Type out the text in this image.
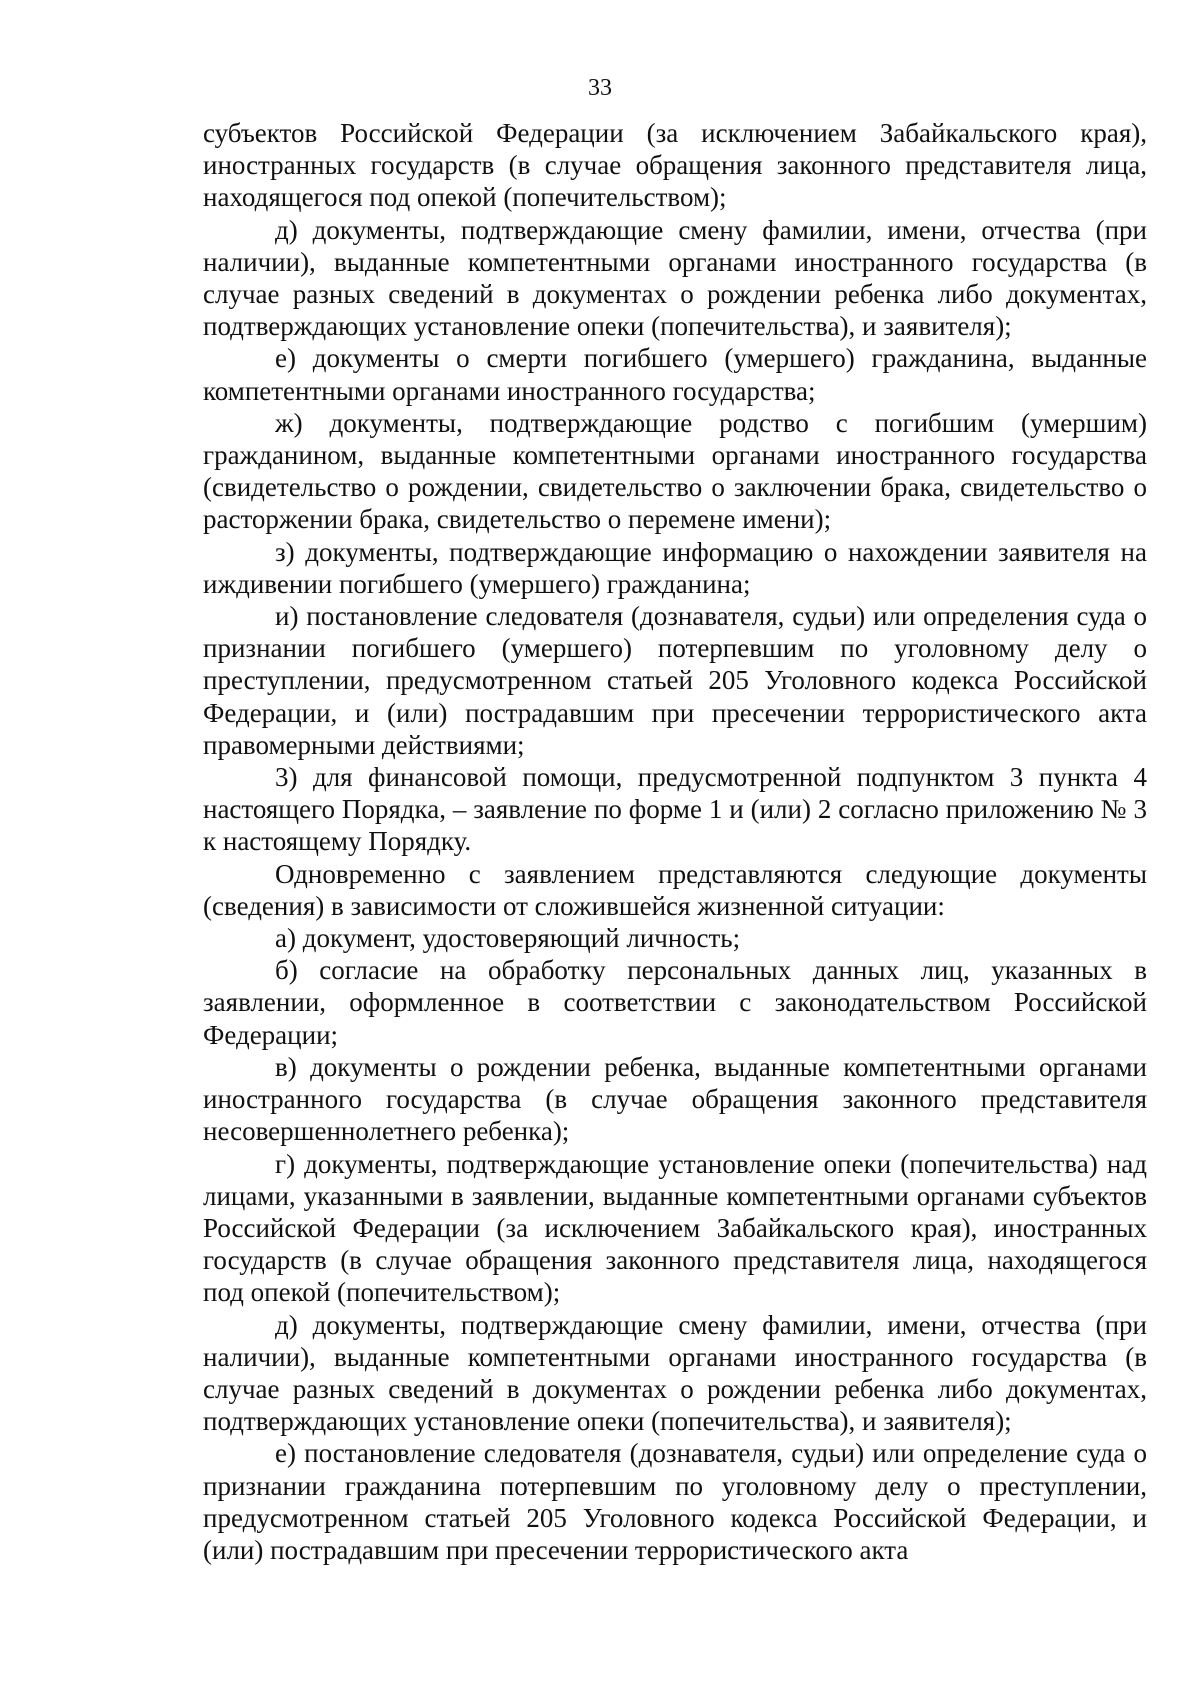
33

субъектов Российской Федерации (за исключением Забайкальского края), иностранных государств (в случае обращения законного представителя лица, находящегося под опекой (попечительством);

д) документы, подтверждающие смену фамилии, имени, отчества (при наличии), выданные компетентными органами иностранного государства (в случае разных сведений в документах о рождении ребенка либо документах, подтверждающих установление опеки (попечительства), и заявителя);

е) документы о смерти погибшего (умершего) гражданина, выданные компетентными органами иностранного государства;

ж) документы, подтверждающие родство с погибшим (умершим) гражданином, выданные компетентными органами иностранного государства (свидетельство о рождении, свидетельство о заключении брака, свидетельство о расторжении брака, свидетельство о перемене имени);

з) документы, подтверждающие информацию о нахождении заявителя на иждивении погибшего (умершего) гражданина;

и) постановление следователя (дознавателя, судьи) или определения суда о признании погибшего (умершего) потерпевшим по уголовному делу о преступлении, предусмотренном статьей 205 Уголовного кодекса Российской Федерации, и (или) пострадавшим при пресечении террористического акта правомерными действиями;

3) для финансовой помощи, предусмотренной подпунктом 3 пункта 4 настоящего Порядка, – заявление по форме 1 и (или) 2 согласно приложению № 3 к настоящему Порядку.

Одновременно с заявлением представляются следующие документы (сведения) в зависимости от сложившейся жизненной ситуации:

а) документ, удостоверяющий личность;

б) согласие на обработку персональных данных лиц, указанных в заявлении, оформленное в соответствии с законодательством Российской Федерации;

в) документы о рождении ребенка, выданные компетентными органами иностранного государства (в случае обращения законного представителя несовершеннолетнего ребенка);

г) документы, подтверждающие установление опеки (попечительства) над лицами, указанными в заявлении, выданные компетентными органами субъектов Российской Федерации (за исключением Забайкальского края), иностранных государств (в случае обращения законного представителя лица, находящегося под опекой (попечительством);

д) документы, подтверждающие смену фамилии, имени, отчества (при наличии), выданные компетентными органами иностранного государства (в случае разных сведений в документах о рождении ребенка либо документах, подтверждающих установление опеки (попечительства), и заявителя);

е) постановление следователя (дознавателя, судьи) или определение суда о признании гражданина потерпевшим по уголовному делу о преступлении, предусмотренном статьей 205 Уголовного кодекса Российской Федерации, и (или) пострадавшим при пресечении террористического акта
